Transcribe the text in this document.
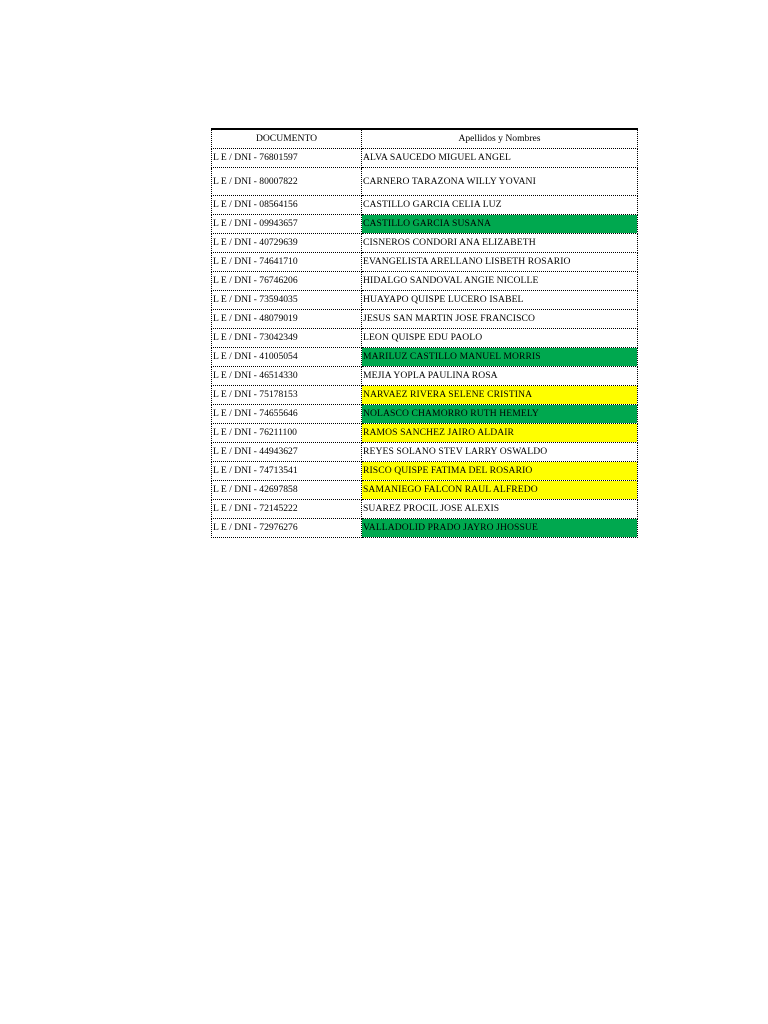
DOCUMENTO	Apellidos y Nombres
L E / DNI - 76801597	ALVA SAUCEDO MIGUEL ANGEL
L E / DNI - 80007822	CARNERO TARAZONA WILLY YOVANI
L E / DNI - 08564156	CASTILLO GARCIA CELIA LUZ
L E / DNI - 09943657	CASTILLO GARCIA SUSANA
L E / DNI - 40729639	CISNEROS CONDORI ANA ELIZABETH
L E / DNI - 74641710	EVANGELISTA ARELLANO LISBETH ROSARIO
L E / DNI - 76746206	HIDALGO SANDOVAL ANGIE NICOLLE
L E / DNI - 73594035	HUAYAPO QUISPE LUCERO ISABEL
L E / DNI - 48079019	JESUS SAN MARTIN JOSE FRANCISCO
L E / DNI - 73042349	LEON QUISPE EDU PAOLO
L E / DNI - 41005054	MARILUZ CASTILLO MANUEL MORRIS
L E / DNI - 46514330	MEJIA YOPLA PAULINA ROSA
L E / DNI - 75178153	NARVAEZ RIVERA SELENE CRISTINA
L E / DNI - 74655646	NOLASCO CHAMORRO RUTH HEMELY
L E / DNI - 76211100	RAMOS SANCHEZ JAIRO ALDAIR
L E / DNI - 44943627	REYES SOLANO STEV LARRY OSWALDO
L E / DNI - 74713541	RISCO QUISPE FATIMA DEL ROSARIO
L E / DNI - 42697858	SAMANIEGO FALCON RAUL ALFREDO
L E / DNI - 72145222	SUAREZ PROCIL JOSE ALEXIS
L E / DNI - 72976276	VALLADOLID PRADO JAYRO JHOSSUE
